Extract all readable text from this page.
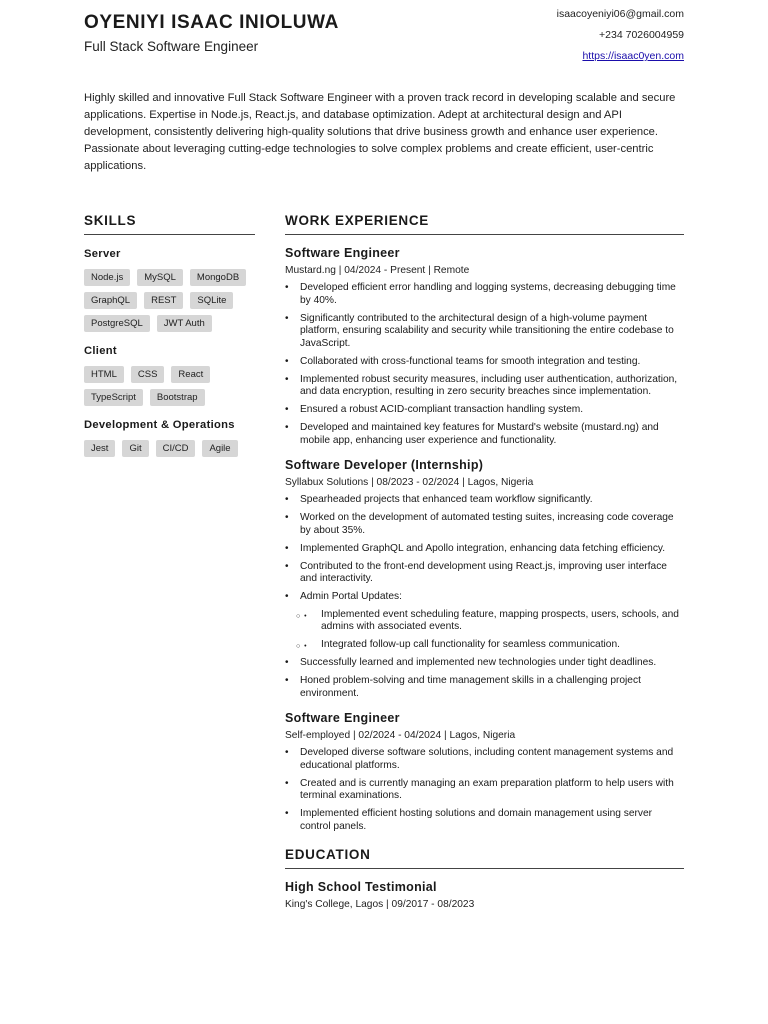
OYENIYI ISAAC INIOLUWA
Full Stack Software Engineer
isaacoyeniyi06@gmail.com
+234 7026004959
https://isaac0yen.com
Highly skilled and innovative Full Stack Software Engineer with a proven track record in developing scalable and secure applications. Expertise in Node.js, React.js, and database optimization. Adept at architectural design and API development, consistently delivering high-quality solutions that drive business growth and enhance user experience. Passionate about leveraging cutting-edge technologies to solve complex problems and create efficient, user-centric applications.
SKILLS
Server
Node.js	MySQL	MongoDB
GraphQL	REST	SQLite
PostgreSQL	JWT Auth
Client
HTML	CSS	React
TypeScript	Bootstrap
Development & Operations
Jest	Git	CI/CD	Agile
WORK EXPERIENCE
Software Engineer
Mustard.ng | 04/2024 - Present | Remote
• Developed efficient error handling and logging systems, decreasing debugging time by 40%.
• Significantly contributed to the architectural design of a high-volume payment platform, ensuring scalability and security while transitioning the entire codebase to JavaScript.
• Collaborated with cross-functional teams for smooth integration and testing.
• Implemented robust security measures, including user authentication, authorization, and data encryption, resulting in zero security breaches since implementation.
• Ensured a robust ACID-compliant transaction handling system.
• Developed and maintained key features for Mustard's website (mustard.ng) and mobile app, enhancing user experience and functionality.
Software Developer (Internship)
Syllabux Solutions | 08/2023 - 02/2024 | Lagos, Nigeria
• Spearheaded projects that enhanced team workflow significantly.
• Worked on the development of automated testing suites, increasing code coverage by about 35%.
• Implemented GraphQL and Apollo integration, enhancing data fetching efficiency.
• Contributed to the front-end development using React.js, improving user interface and interactivity.
• Admin Portal Updates:
○ • Implemented event scheduling feature, mapping prospects, users, schools, and admins with associated events.
○ • Integrated follow-up call functionality for seamless communication.
• Successfully learned and implemented new technologies under tight deadlines.
• Honed problem-solving and time management skills in a challenging project environment.
Software Engineer
Self-employed | 02/2024 - 04/2024 | Lagos, Nigeria
• Developed diverse software solutions, including content management systems and educational platforms.
• Created and is currently managing an exam preparation platform to help users with terminal examinations.
• Implemented efficient hosting solutions and domain management using server control panels.
EDUCATION
High School Testimonial
King's College, Lagos | 09/2017 - 08/2023
